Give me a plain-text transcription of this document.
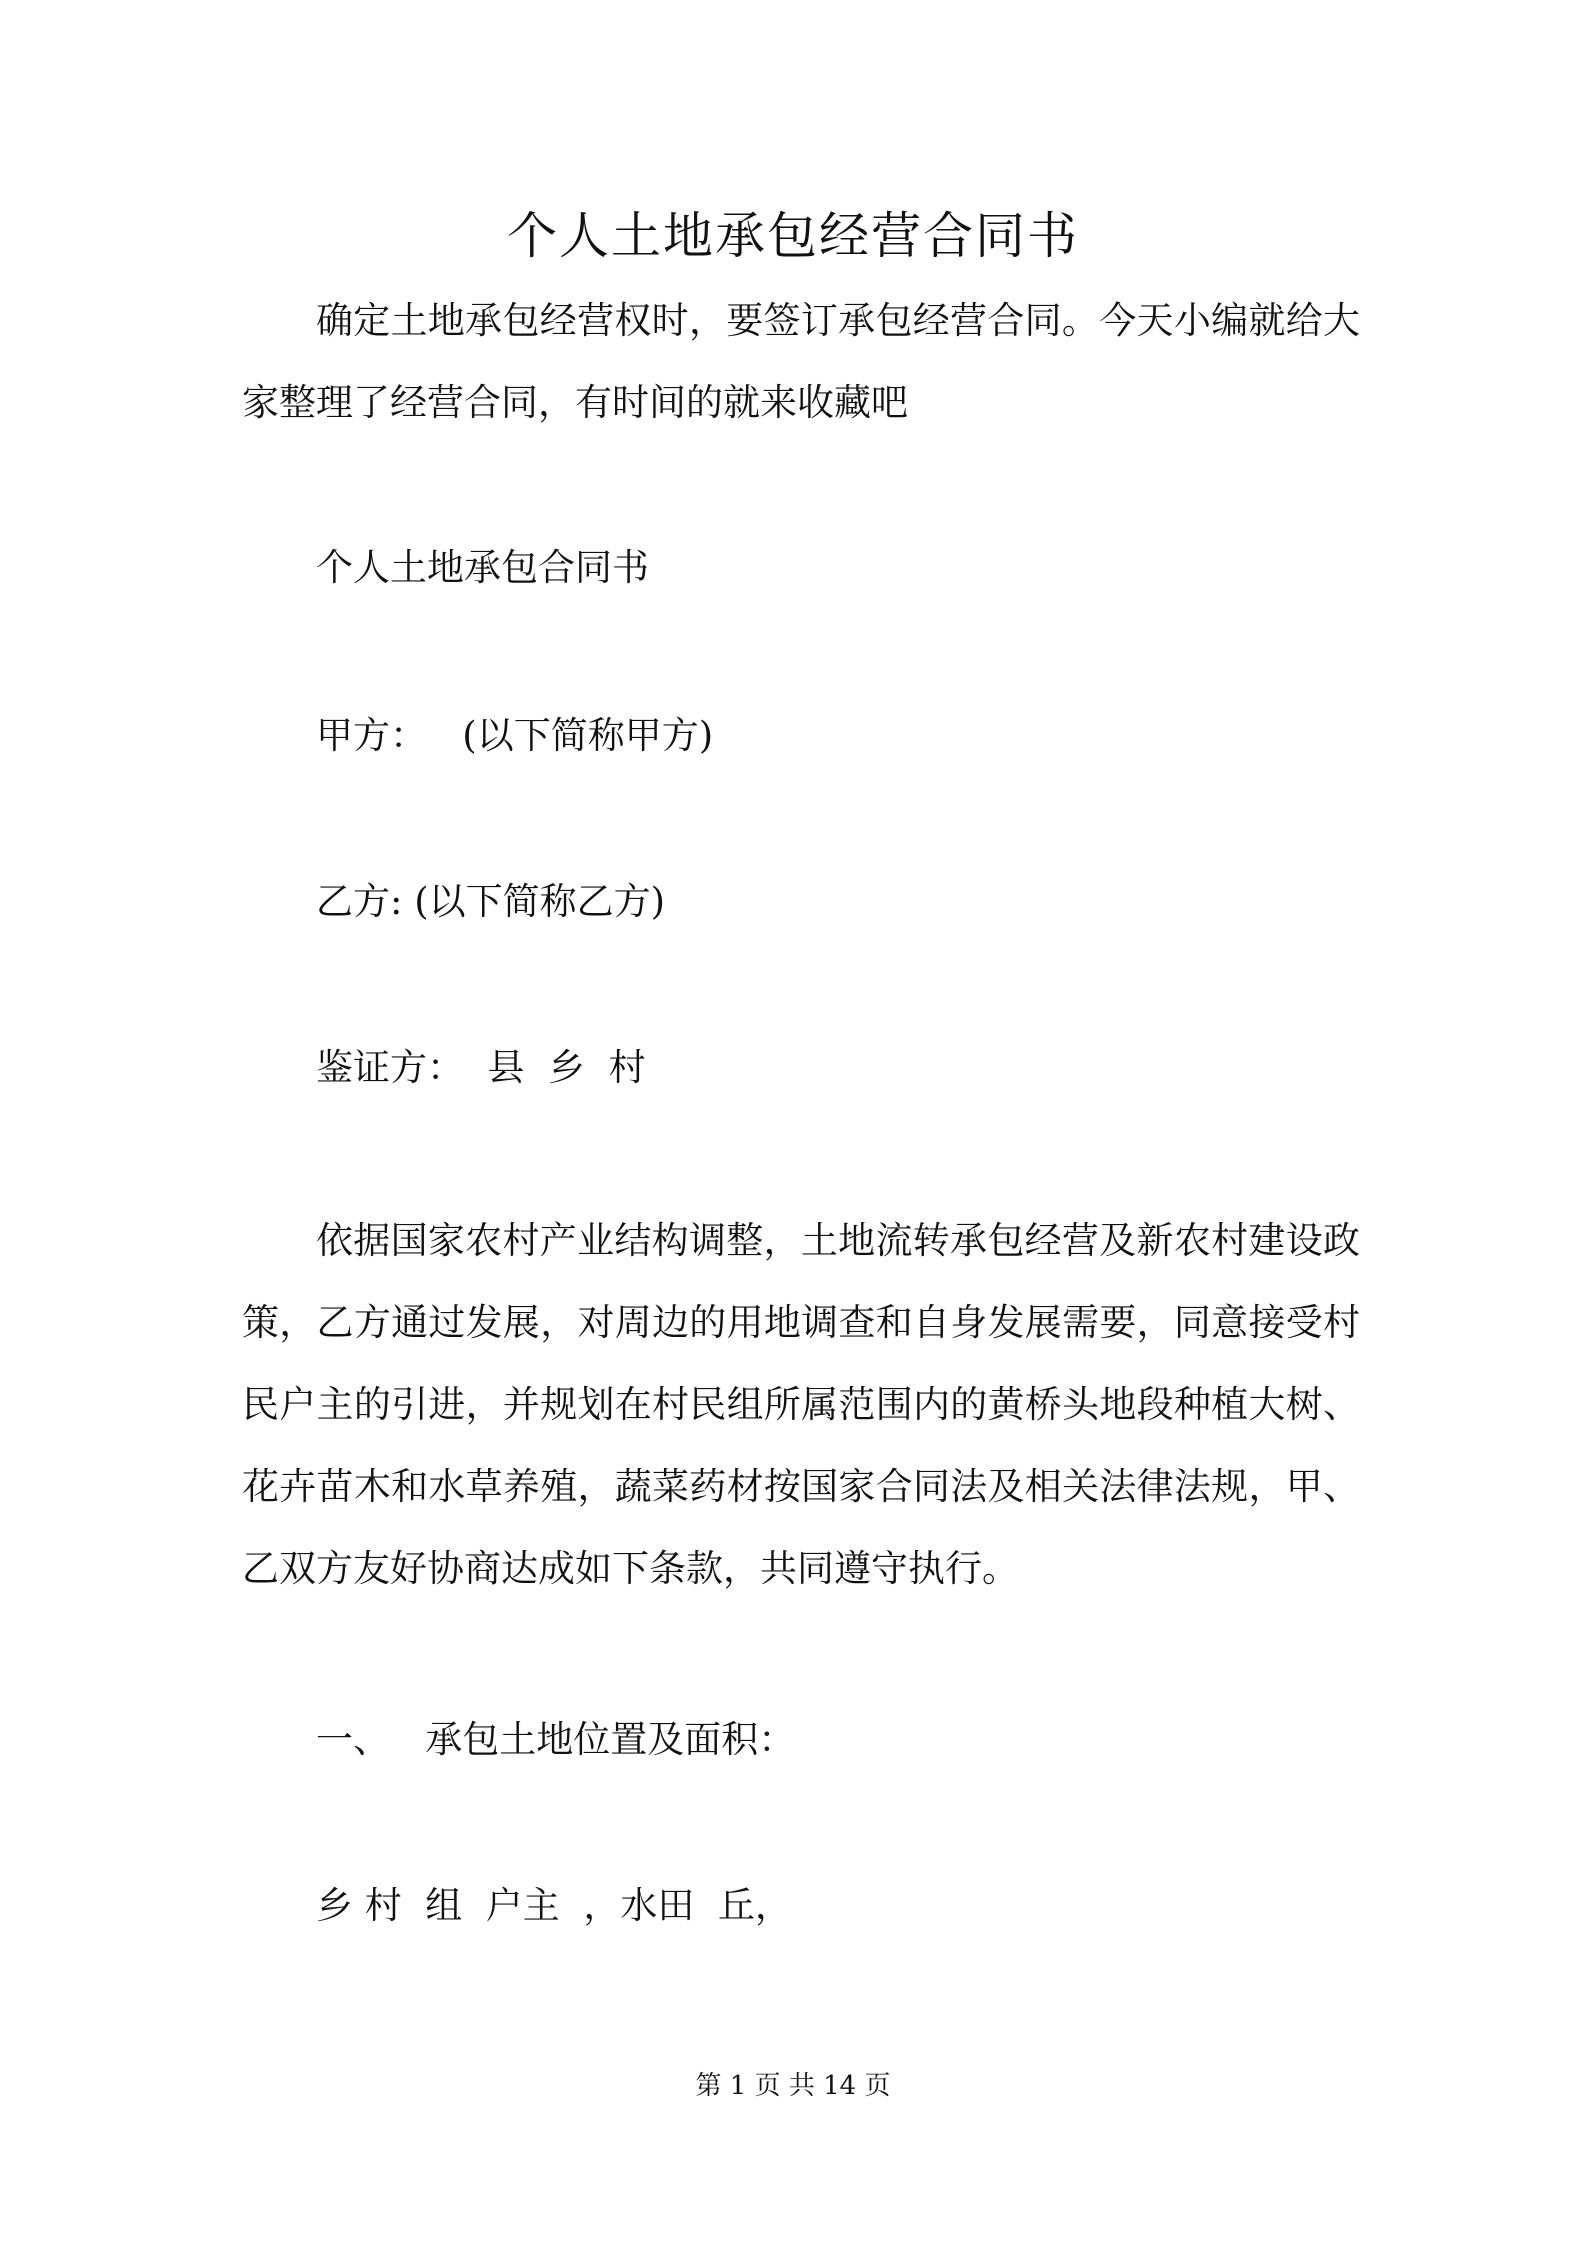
个人土地承包经营合同书

确定土地承包经营权时，要签订承包经营合同。今天小编就给大家整理了经营合同，有时间的就来收藏吧

个人土地承包合同书

甲方：   (以下简称甲方)

乙方: (以下简称乙方)

鉴证方：  县  乡  村

依据国家农村产业结构调整，土地流转承包经营及新农村建设政策，乙方通过发展，对周边的用地调查和自身发展需要，同意接受村民户主的引进，并规划在村民组所属范围内的黄桥头地段种植大树、花卉苗木和水草养殖，蔬菜药材按国家合同法及相关法律法规，甲、乙双方友好协商达成如下条款，共同遵守执行。

一、   承包土地位置及面积：

乡 村  组  户主  ，水田  丘，

第 1 页 共 14 页
